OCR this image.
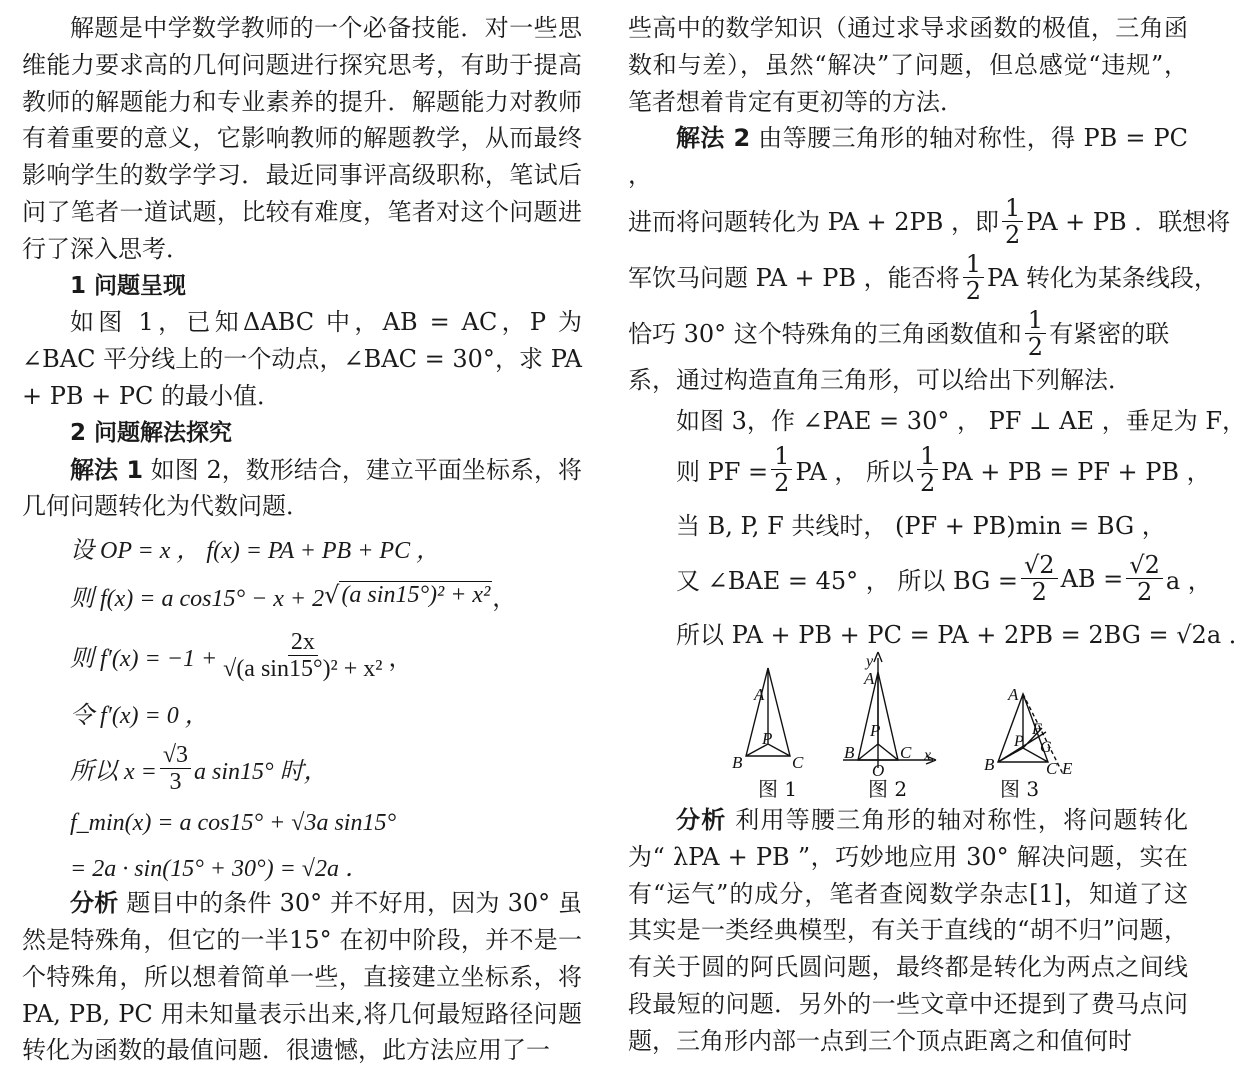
解题是中学数学教师的一个必备技能．对一些思维能力要求高的几何问题进行探究思考，有助于提高教师的解题能力和专业素养的提升．解题能力对教师有着重要的意义，它影响教师的解题教学，从而最终影响学生的数学学习．最近同事评高级职称，笔试后问了笔者一道试题，比较有难度，笔者对这个问题进行了深入思考．

1 问题呈现

如图 1，已知ΔABC 中，AB = AC，P 为∠BAC 平分线上的一个动点，∠BAC = 30°，求 PA + PB + PC 的最小值．

2 问题解法探究

解法 1 如图 2，数形结合，建立平面坐标系，将几何问题转化为代数问题．

设 OP = x ， f(x) = PA + PB + PC ，
则 f(x) = a cos15° − x + 2 √ (a sin15°)² + x² ，
则 $f'(x) = -1 + \frac{2x}{\text{√(a sin15°)² + x²}}$ ，
令 f′(x) = 0 ，
所以 $x = \frac{√3}{3}$ a sin15° 时，
f_min(x) = a cos15° + √3a sin15°
= 2a · sin(15° + 30°) = √2a ．

分析 题目中的条件 30° 并不好用，因为 30° 虽然是特殊角，但它的一半15° 在初中阶段，并不是一个特殊角，所以想着简单一些，直接建立坐标系，将 PA, PB, PC 用未知量表示出来,将几何最短路径问题转化为函数的最值问题．很遗憾，此方法应用了一

些高中的数学知识（通过求导求函数的极值，三角函数和与差），虽然“解决”了问题，但总感觉“违规”，笔者想着肯定有更初等的方法．

解法 2 由等腰三角形的轴对称性，得 PB = PC ，

进而将问题转化为 PA + 2PB ，即 $\frac{1}{2}$ PA + PB ．联想将
军饮马问题 PA + PB ，能否将 $\frac{1}{2}$ PA 转化为某条线段，
恰巧 30° 这个特殊角的三角函数值和 $\frac{1}{2}$ 有紧密的联

系，通过构造直角三角形，可以给出下列解法．

如图 3，作 ∠PAE = 30° ， PF ⊥ AE ，垂足为 F，
则 PF = $\frac{1}{2}$ PA ， 所以 $\frac{1}{2}$ PA + PB = PF + PB ，
当 B, P, F 共线时， (PF + PB)min = BG ，
又 ∠BAE = 45° ， 所以 BG = $\frac{√2}{2}$ AB = $\frac{√2}{2}$ a ，
所以 PA + PB + PC = PA + 2PB = 2BG = √2a ．
A
P
B	C
y
A
P
B
O
C x
A
F
G
P
B	C E
图 1	图 2	图 3

分析 利用等腰三角形的轴对称性，将问题转化为“ λPA + PB ”，巧妙地应用 30° 解决问题，实在有“运气”的成分，笔者查阅数学杂志[1]，知道了这其实是一类经典模型，有关于直线的“胡不归”问题，有关于圆的阿氏圆问题，最终都是转化为两点之间线段最短的问题．另外的一些文章中还提到了费马点问题，三角形内部一点到三个顶点距离之和值何时
